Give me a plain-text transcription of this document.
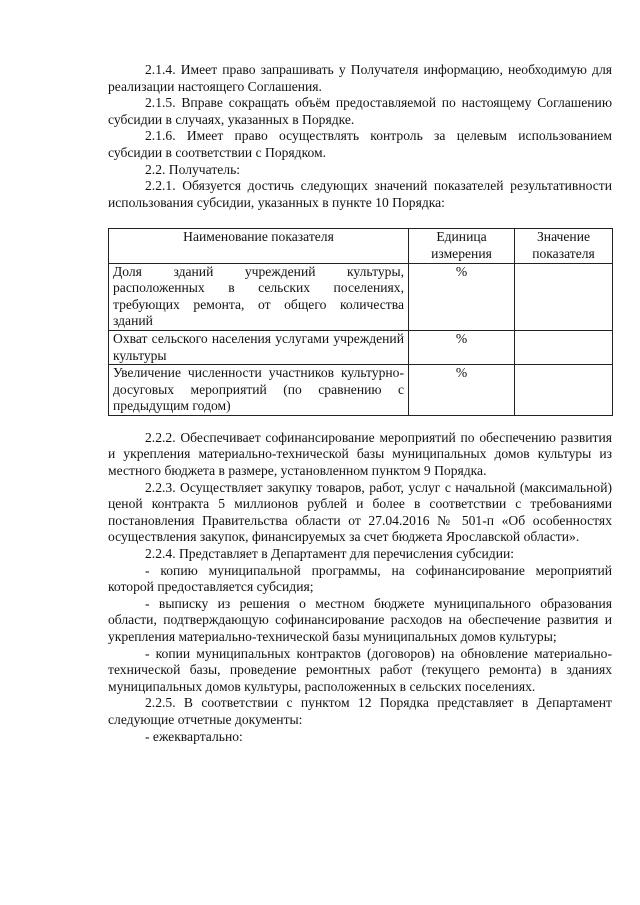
2.1.4. Имеет право запрашивать у Получателя информацию, необходимую для реализации настоящего Соглашения.

2.1.5. Вправе сокращать объём предоставляемой по настоящему Соглашению субсидии в случаях, указанных в Порядке.

2.1.6. Имеет право осуществлять контроль за целевым использованием субсидии в соответствии с Порядком.

2.2. Получатель:

2.2.1. Обязуется достичь следующих значений показателей результативности использования субсидии, указанных в пункте 10 Порядка:

Наименование показателя	Единица измерения	Значение показателя
Доля зданий учреждений культуры, расположенных в сельских поселениях, требующих ремонта, от общего количества зданий	%	
Охват сельского населения услугами учреждений культуры	%	
Увеличение численности участников культурно-досуговых мероприятий (по сравнению с предыдущим годом)	%	

2.2.2. Обеспечивает софинансирование мероприятий по обеспечению развития и укрепления материально-технической базы муниципальных домов культуры из местного бюджета в размере, установленном пунктом 9 Порядка.

2.2.3. Осуществляет закупку товаров, работ, услуг с начальной (максимальной) ценой контракта 5 миллионов рублей и более в соответствии с требованиями постановления Правительства области от 27.04.2016 № 501-п «Об особенностях осуществления закупок, финансируемых за счет бюджета Ярославской области».

2.2.4. Представляет в Департамент для перечисления субсидии:

- копию муниципальной программы, на софинансирование мероприятий которой предоставляется субсидия;

- выписку из решения о местном бюджете муниципального образования области, подтверждающую софинансирование расходов на обеспечение развития и укрепления материально-технической базы муниципальных домов культуры;

- копии муниципальных контрактов (договоров) на обновление материально-технической базы, проведение ремонтных работ (текущего ремонта) в зданиях муниципальных домов культуры, расположенных в сельских поселениях.

2.2.5. В соответствии с пунктом 12 Порядка представляет в Департамент следующие отчетные документы:

- ежеквартально:
